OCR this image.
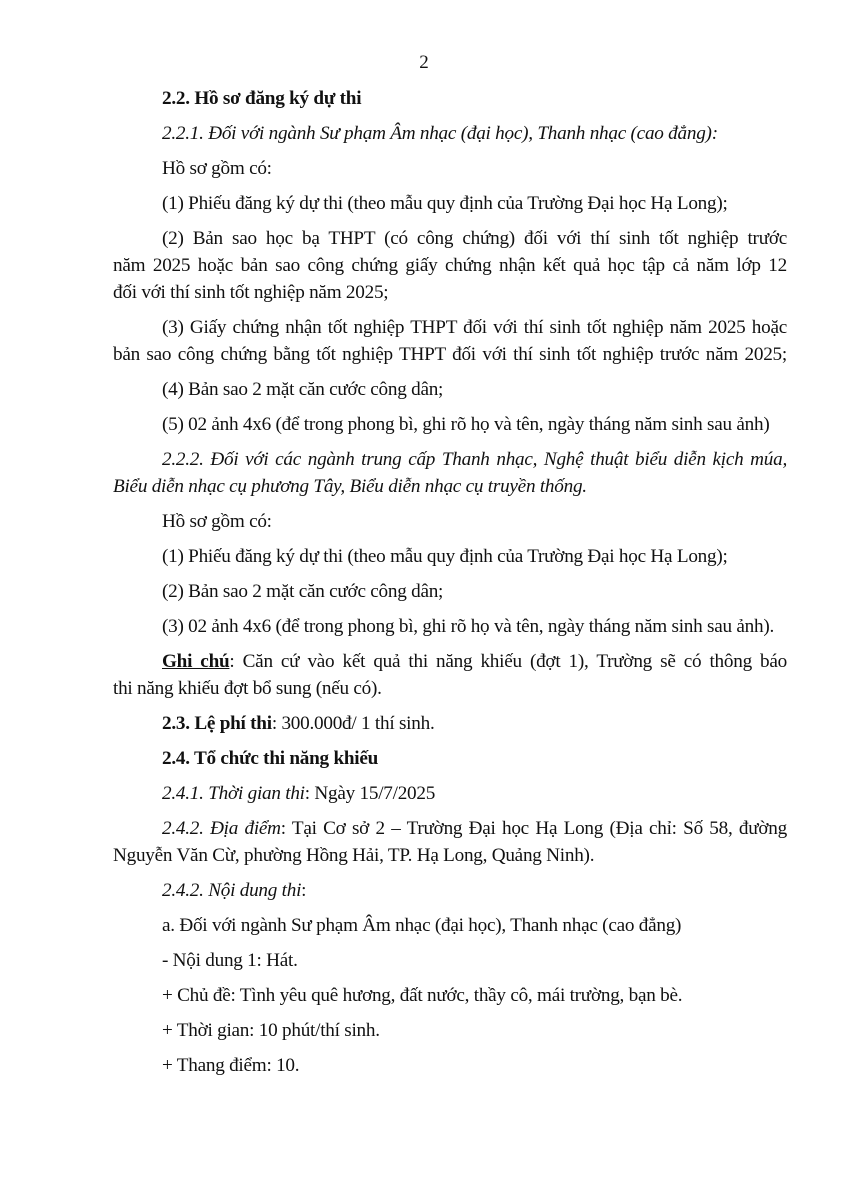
2
2.2. Hồ sơ đăng ký dự thi
2.2.1. Đối với ngành Sư phạm Âm nhạc (đại học), Thanh nhạc (cao đẳng):
Hồ sơ gồm có:
(1) Phiếu đăng ký dự thi (theo mẫu quy định của Trường Đại học Hạ Long);
(2) Bản sao học bạ THPT (có công chứng) đối với thí sinh tốt nghiệp trước
năm 2025 hoặc bản sao công chứng giấy chứng nhận kết quả học tập cả năm lớp 12
đối với thí sinh tốt nghiệp năm 2025;
(3) Giấy chứng nhận tốt nghiệp THPT đối với thí sinh tốt nghiệp năm 2025 hoặc
bản sao công chứng bằng tốt nghiệp THPT đối với thí sinh tốt nghiệp trước năm 2025;
(4) Bản sao 2 mặt căn cước công dân;
(5) 02 ảnh 4x6 (để trong phong bì, ghi rõ họ và tên, ngày tháng năm sinh sau ảnh)
2.2.2. Đối với các ngành trung cấp Thanh nhạc, Nghệ thuật biểu diễn kịch múa,
Biểu diễn nhạc cụ phương Tây, Biểu diễn nhạc cụ truyền thống.
Hồ sơ gồm có:
(1) Phiếu đăng ký dự thi (theo mẫu quy định của Trường Đại học Hạ Long);
(2) Bản sao 2 mặt căn cước công dân;
(3) 02 ảnh 4x6 (để trong phong bì, ghi rõ họ và tên, ngày tháng năm sinh sau ảnh).
Ghi chú: Căn cứ vào kết quả thi năng khiếu (đợt 1), Trường sẽ có thông báo
thi năng khiếu đợt bổ sung (nếu có).
2.3. Lệ phí thi: 300.000đ/ 1 thí sinh.
2.4. Tổ chức thi năng khiếu
2.4.1. Thời gian thi: Ngày 15/7/2025
2.4.2. Địa điểm: Tại Cơ sở 2 – Trường Đại học Hạ Long (Địa chỉ: Số 58, đường
Nguyễn Văn Cừ, phường Hồng Hải, TP. Hạ Long, Quảng Ninh).
2.4.2. Nội dung thi:
a. Đối với ngành Sư phạm Âm nhạc (đại học), Thanh nhạc (cao đẳng)
- Nội dung 1: Hát.
+ Chủ đề: Tình yêu quê hương, đất nước, thầy cô, mái trường, bạn bè.
+ Thời gian: 10 phút/thí sinh.
+ Thang điểm: 10.
